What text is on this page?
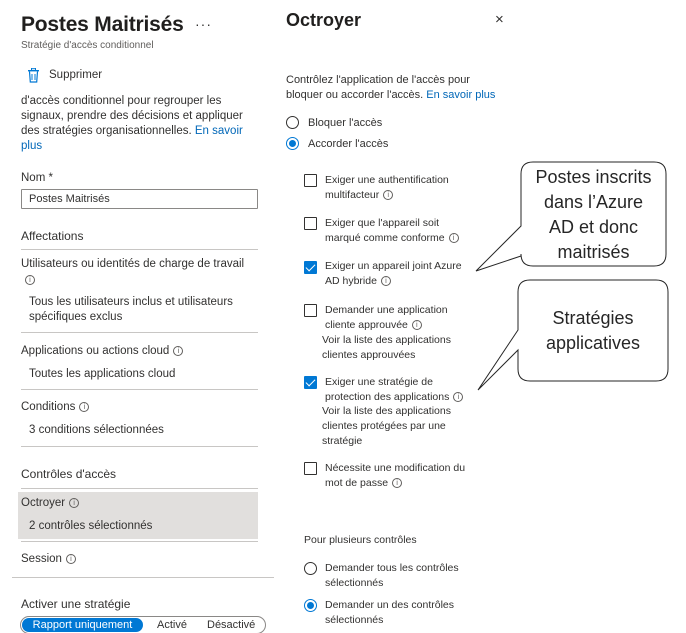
Postes Maitrisés ···
Stratégie d'accès conditionnel
Supprimer
d'accès conditionnel pour regrouper les
signaux, prendre des décisions et appliquer
des stratégies organisationnelles. En savoir
plus
Nom *
Postes Maitrisés
Affectations
Utilisateurs ou identités de charge de travail
i
Tous les utilisateurs inclus et utilisateurs
spécifiques exclus
Applications ou actions cloud i
Toutes les applications cloud
Conditions i
3 conditions sélectionnées
Contrôles d'accès
Octroyer i
2 contrôles sélectionnés
Session i
Activer une stratégie
Rapport uniquement	Activé Désactivé
Octroyer	×
Contrôlez l'application de l'accès pour
bloquer ou accorder l'accès. En savoir plus
Bloquer l'accès
Accorder l'accès
Exiger une authentification
multifacteur i
Exiger que l'appareil soit
marqué comme conforme i
Exiger un appareil joint Azure
AD hybride i
Demander une application
cliente approuvée i
Voir la liste des applications
clientes approuvées
Exiger une stratégie de
protection des applications i
Voir la liste des applications
clientes protégées par une
stratégie
Nécessite une modification du
mot de passe i
Pour plusieurs contrôles
Demander tous les contrôles
sélectionnés
Demander un des contrôles
sélectionnés
Postes inscrits
dans l’Azure
AD et donc
maitrisés
Stratégies
applicatives
